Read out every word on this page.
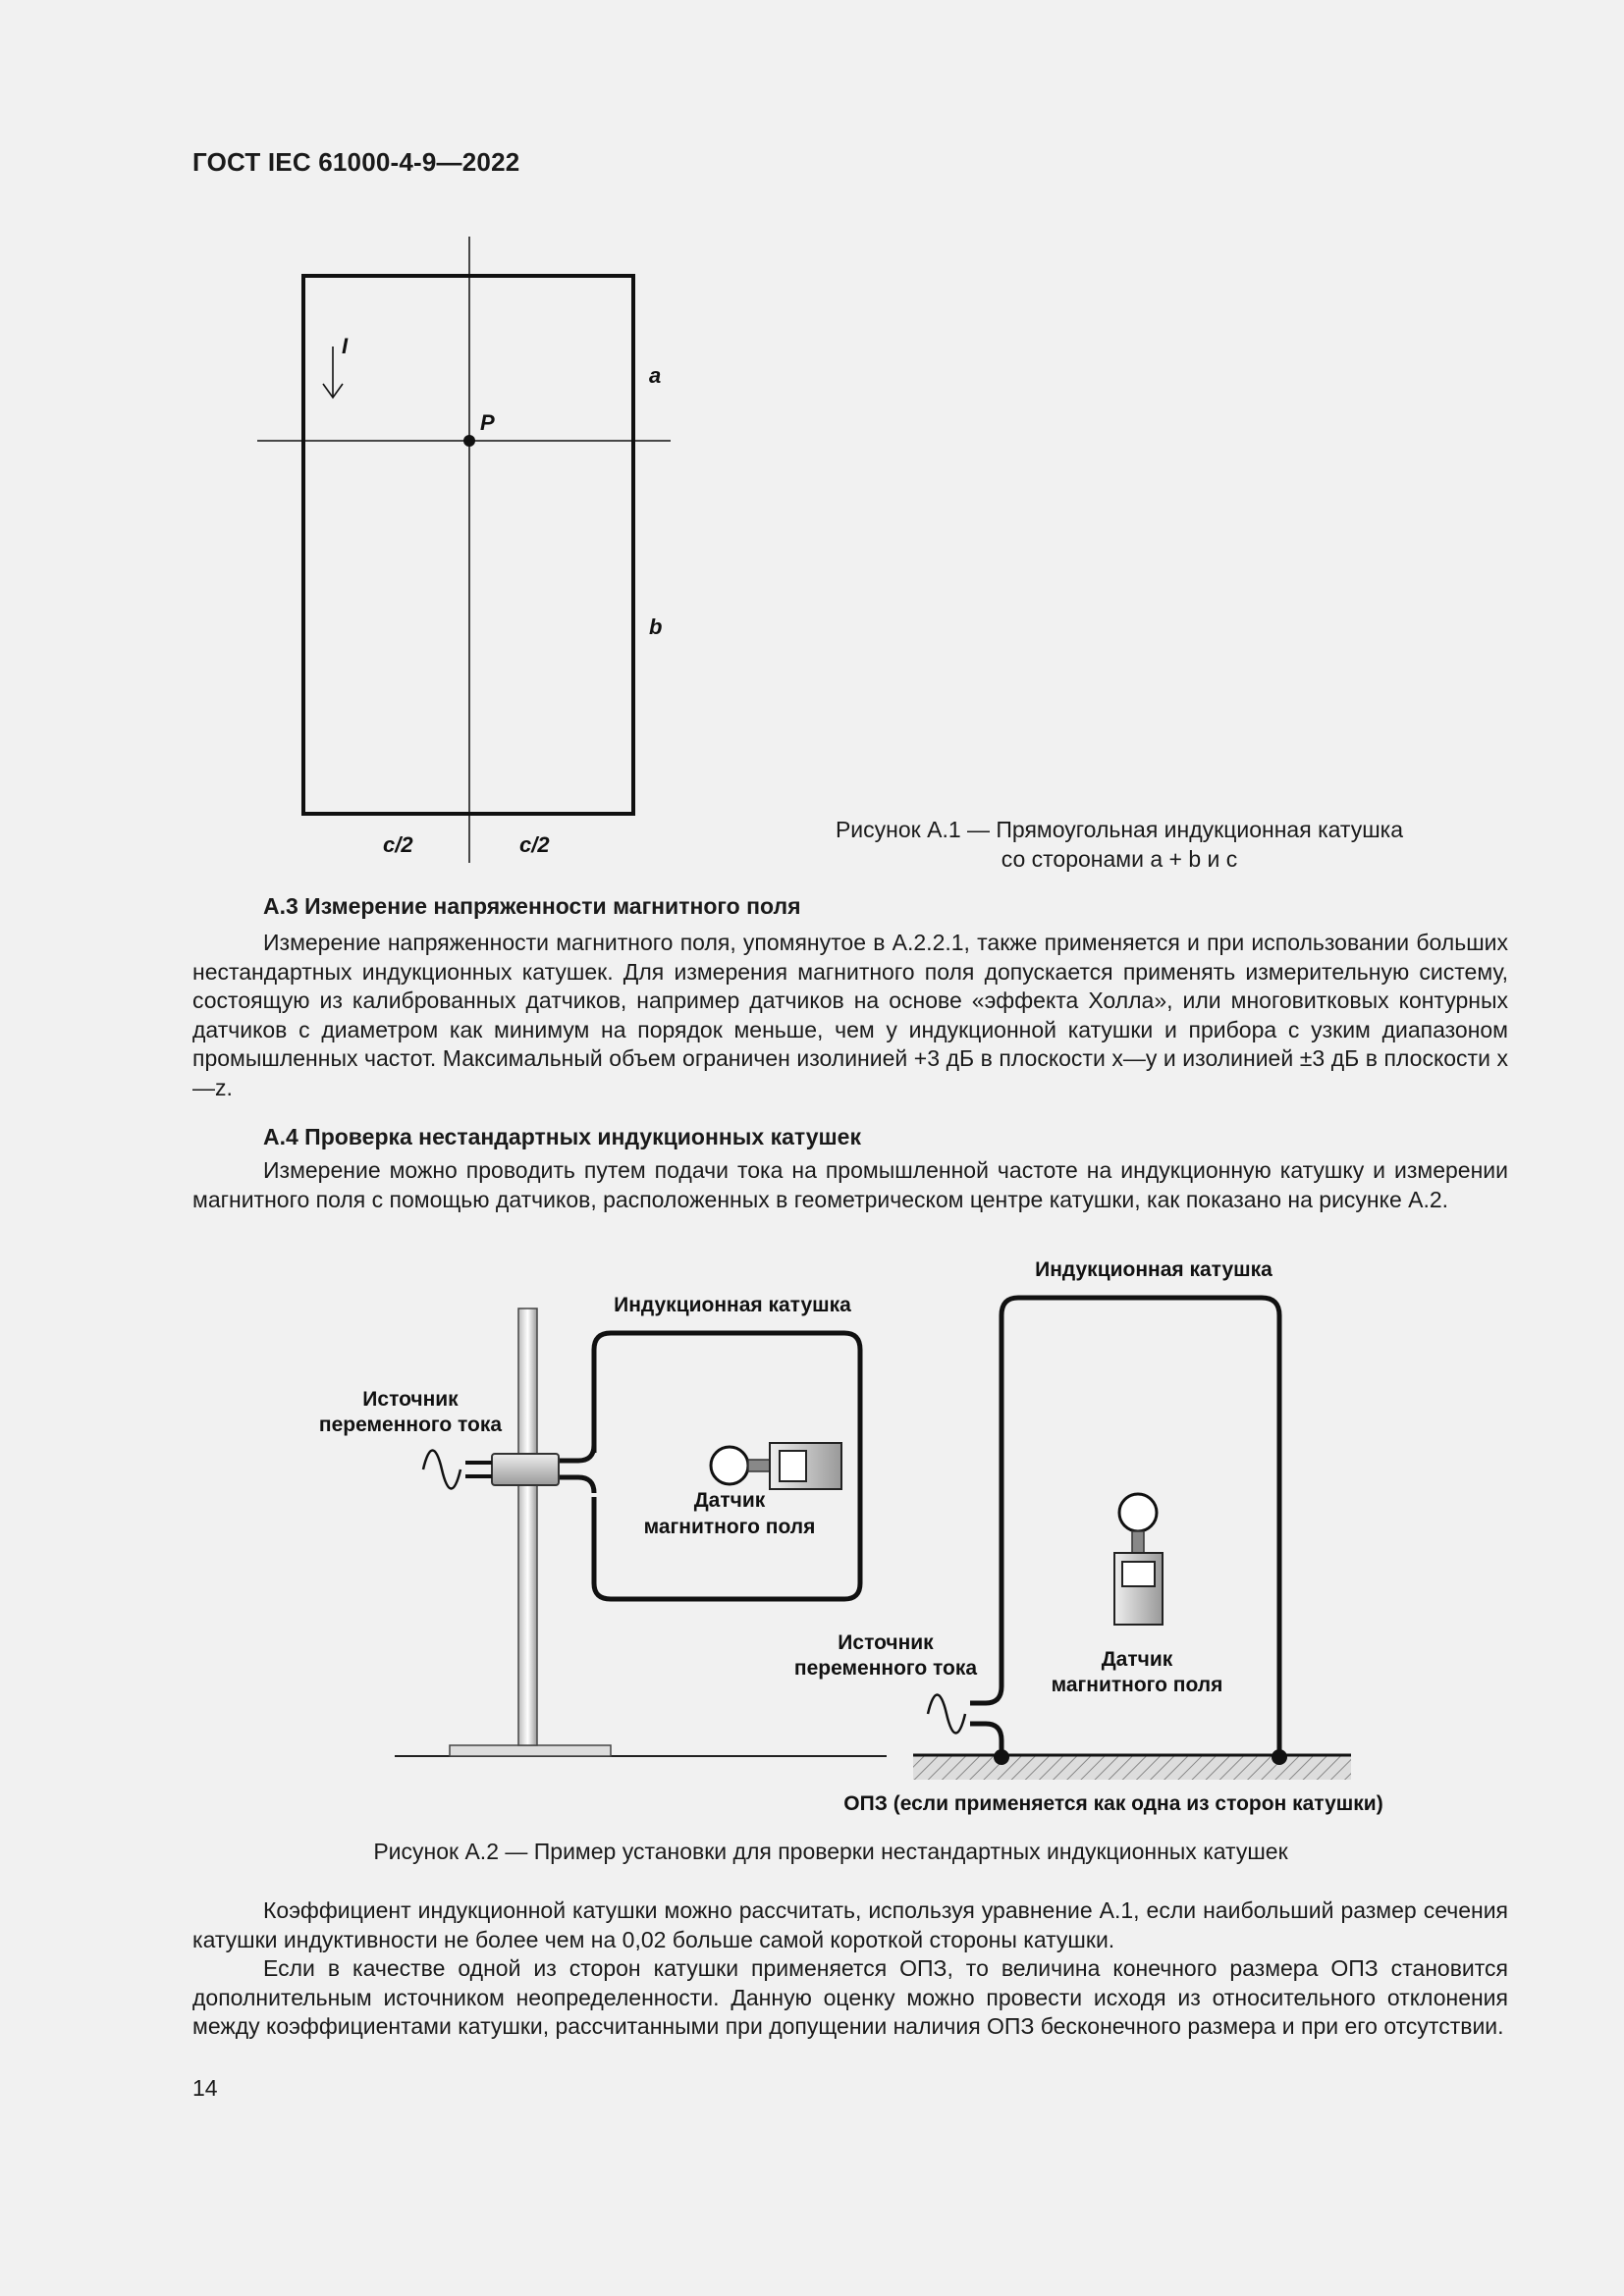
ГОСТ IEC 61000-4-9—2022
I
P
a
b
c/2	c/2
Рисунок А.1 — Прямоугольная индукционная катушка
со сторонами a + b и c
А.3 Измерение напряженности магнитного поля

Измерение напряженности магнитного поля, упомянутое в А.2.2.1, также применяется и при использовании больших нестандартных индукционных катушек. Для измерения магнитного поля допускается применять измерительную систему, состоящую из калиброванных датчиков, например датчиков на основе «эффекта Холла», или многовитковых контурных датчиков с диаметром как минимум на порядок меньше, чем у индукционной катушки и прибора с узким диапазоном промышленных частот. Максимальный объем ограничен изолинией +3 дБ в плоскости x—y и изолинией ±3 дБ в плоскости x—z.

А.4 Проверка нестандартных индукционных катушек

Измерение можно проводить путем подачи тока на промышленной частоте на индукционную катушку и измерении магнитного поля с помощью датчиков, расположенных в геометрическом центре катушки, как показано на рисунке А.2.

Индукционная катушка
Источник
переменного тока
Датчик
магнитного поля
Индукционная катушка
Источник
переменного тока	Датчик
магнитного поля
ОПЗ (если применяется как одна из сторон катушки)
Рисунок А.2 — Пример установки для проверки нестандартных индукционных катушек

Коэффициент индукционной катушки можно рассчитать, используя уравнение А.1, если наибольший размер сечения катушки индуктивности не более чем на 0,02 больше самой короткой стороны катушки.

Если в качестве одной из сторон катушки применяется ОПЗ, то величина конечного размера ОПЗ становится дополнительным источником неопределенности. Данную оценку можно провести исходя из относительного отклонения между коэффициентами катушки, рассчитанными при допущении наличия ОПЗ бесконечного размера и при его отсутствии.

14
